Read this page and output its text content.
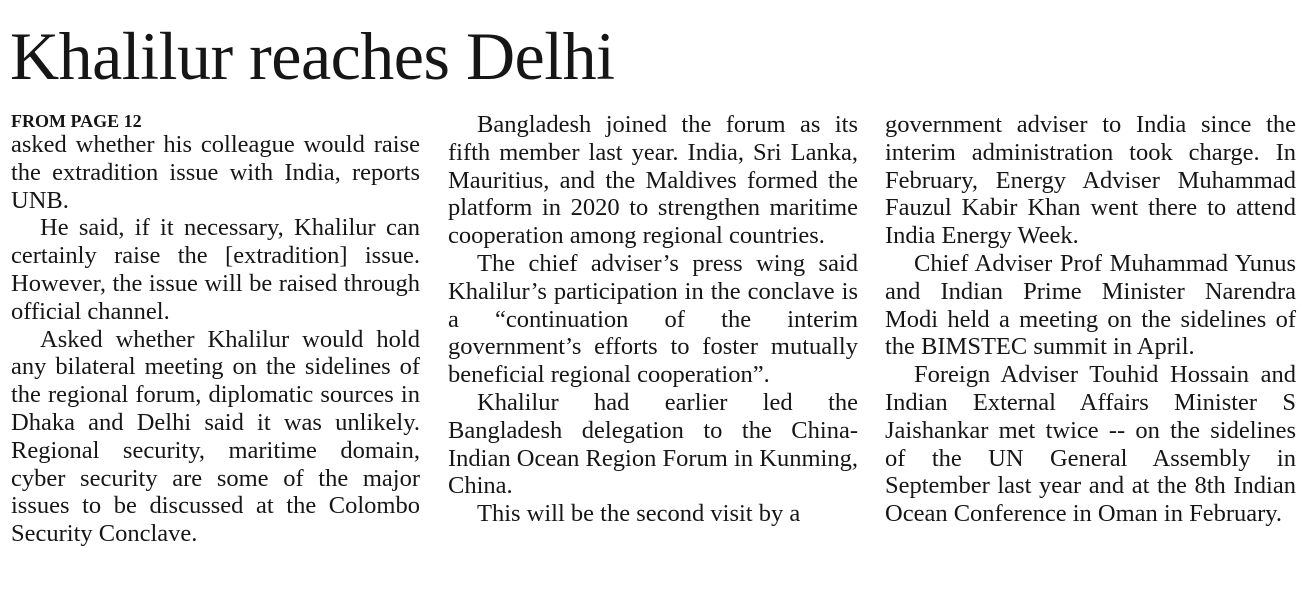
Khalilur reaches Delhi
FROM PAGE 12

asked whether his colleague would raise the extradition issue with India, reports UNB.

He said, if it necessary, Khalilur can certainly raise the [extradition] issue. However, the issue will be raised through official channel.

Asked whether Khalilur would hold any bilateral meeting on the sidelines of the regional forum, diplomatic sources in Dhaka and Delhi said it was unlikely. Regional security, maritime domain, cyber security are some of the major issues to be discussed at the Colombo Security Conclave.

Bangladesh joined the forum as its fifth member last year. India, Sri Lanka, Mauritius, and the Maldives formed the platform in 2020 to strengthen maritime cooperation among regional countries.

The chief adviser’s press wing said Khalilur’s participation in the conclave is a “continuation of the interim government’s efforts to foster mutually beneficial regional cooperation”.

Khalilur had earlier led the Bangladesh delegation to the China-Indian Ocean Region Forum in Kunming, China.

This will be the second visit by a

government adviser to India since the interim administration took charge. In February, Energy Adviser Muhammad Fauzul Kabir Khan went there to attend India Energy Week.

Chief Adviser Prof Muhammad Yunus and Indian Prime Minister Narendra Modi held a meeting on the sidelines of the BIMSTEC summit in April.

Foreign Adviser Touhid Hossain and Indian External Affairs Minister S Jaishankar met twice -- on the sidelines of the UN General Assembly in September last year and at the 8th Indian Ocean Conference in Oman in February.
